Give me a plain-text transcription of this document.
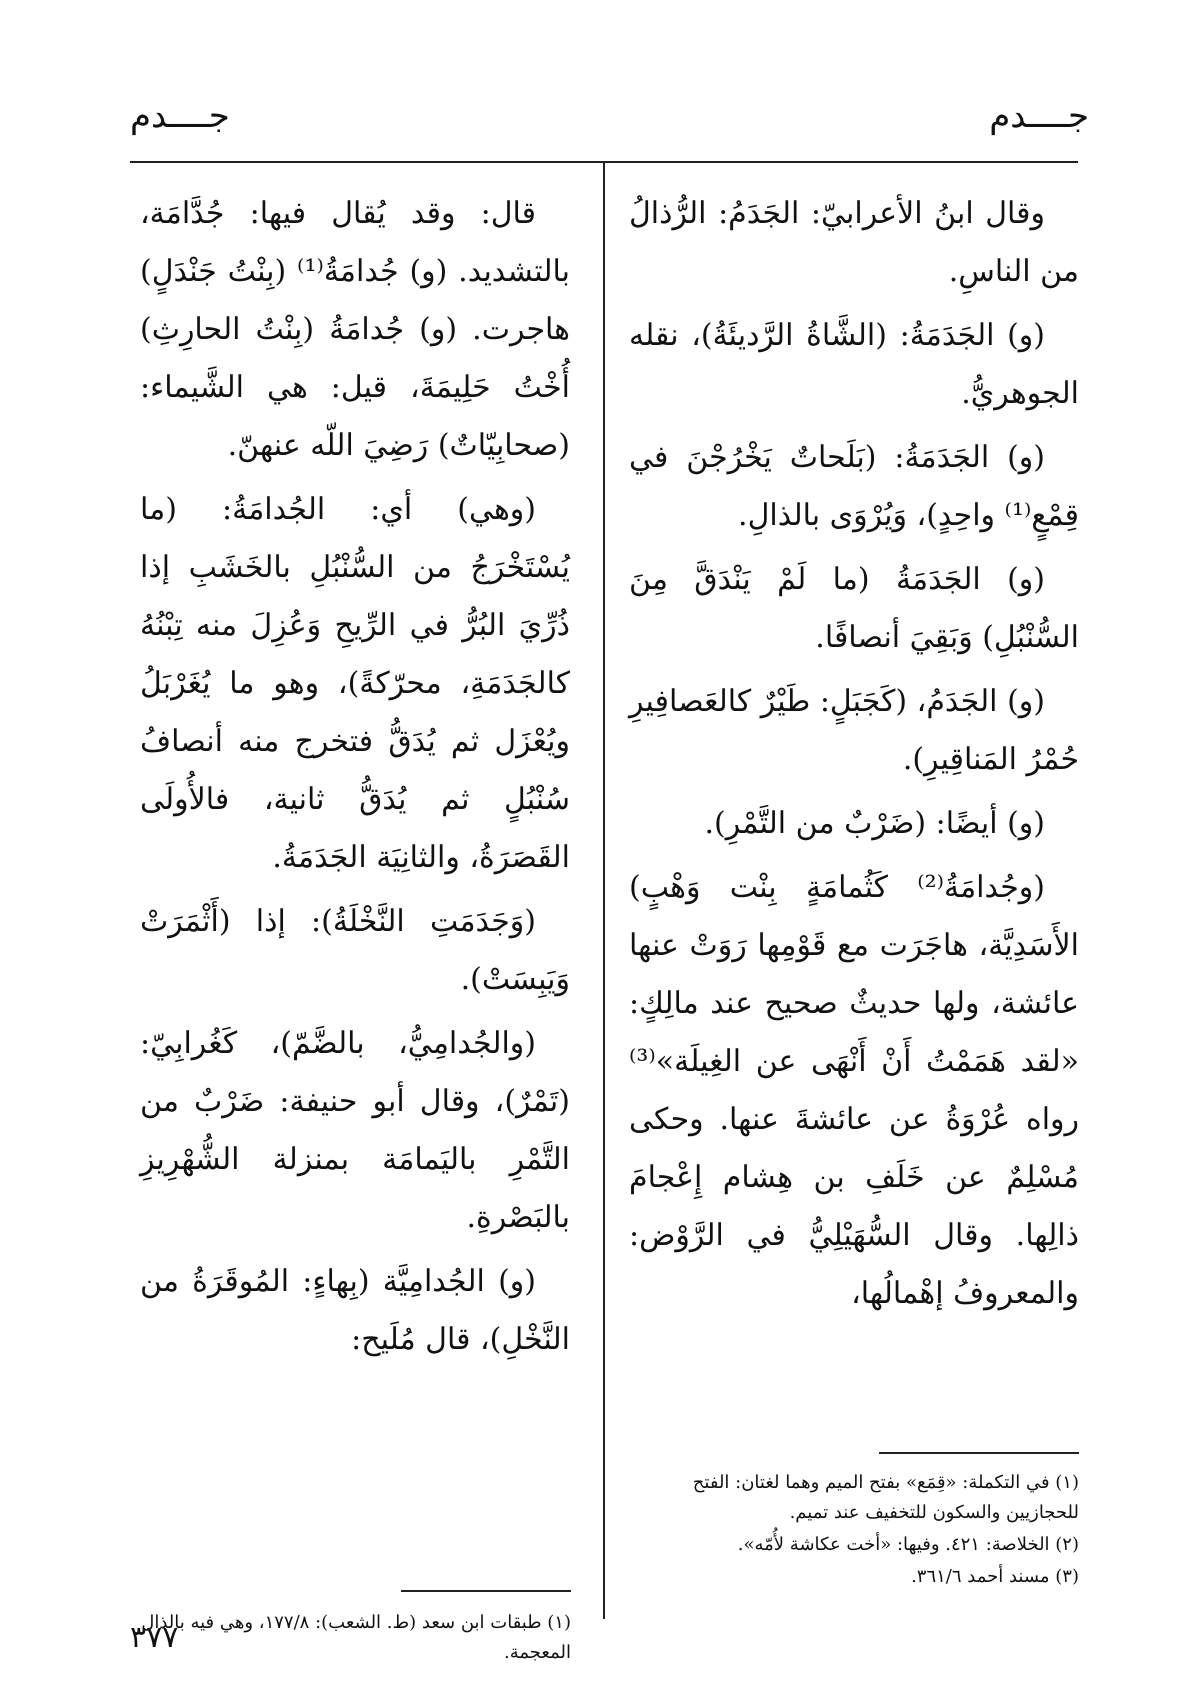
جــــدم
جــــدم

وقال ابنُ الأعرابيّ: الجَدَمُ: الرُّذالُ من الناسِ.

(و) الجَدَمَةُ: (الشَّاةُ الرَّديئَةُ)، نقله الجوهريُّ.

(و) الجَدَمَةُ: (بَلَحاتٌ يَخْرُجْنَ في قِمْعٍ⁽¹⁾ واحِدٍ)، وَيُرْوَى بالذالِ.

(و) الجَدَمَةُ (ما لَمْ يَنْدَقَّ مِنَ السُّنْبُلِ) وَبَقِيَ أنصافًا.

(و) الجَدَمُ، (كَجَبَلٍ: طَيْرٌ كالعَصافِيرِ حُمْرُ المَناقِيرِ).

(و) أيضًا: (ضَرْبٌ من التَّمْرِ).

(وجُدامَةُ⁽²⁾ كَثُمامَةٍ بِنْت وَهْبٍ) الأَسَدِيَّة، هاجَرَت مع قَوْمِها رَوَتْ عنها عائشة، ولها حديثٌ صحيح عند مالِكٍ: «لقد هَمَمْتُ أَنْ أَنْهَى عن الغِيلَة»⁽³⁾ رواه عُرْوَةُ عن عائشةَ عنها. وحكى مُسْلِمٌ عن خَلَفِ بن هِشام إِعْجامَ ذالِها. وقال السُّهَيْلِيُّ في الرَّوْض: والمعروفُ إهْمالُها،

قال: وقد يُقال فيها: جُدَّامَة، بالتشديد. (و) جُدامَةُ⁽¹⁾ (بِنْتُ جَنْدَلٍ) هاجرت. (و) جُدامَةُ (بِنْتُ الحارِثِ) أُخْتُ حَلِيمَةَ، قيل: هي الشَّيماء: (صحابِيّاتٌ) رَضِيَ اللّه عنهنّ.

(وهي) أي: الجُدامَةُ: (ما يُسْتَخْرَجُ من السُّنْبُلِ بالخَشَبِ إذا ذُرِّيَ البُرُّ في الرِّيحِ وَعُزِلَ منه تِبْنُهُ كالجَدَمَةِ، محرّكةً)، وهو ما يُغَرْبَلُ ويُعْزَل ثم يُدَقُّ فتخرج منه أنصافُ سُنْبُلٍ ثم يُدَقُّ ثانية، فالأُولَى القَصَرَةُ، والثانِيَة الجَدَمَةُ.

(وَجَدَمَتِ النَّخْلَةُ): إذا (أَثْمَرَتْ وَيَبِسَتْ).

(والجُدامِيُّ، بالضَّمّ)، كَغُرابِيّ: (تَمْرٌ)، وقال أبو حنيفة: ضَرْبٌ من التَّمْرِ باليَمامَة بمنزلة الشُّهْرِيزِ بالبَصْرةِ.

(و) الجُدامِيَّة (بِهاءٍ: المُوقَرَةُ من النَّخْلِ)، قال مُلَيح:

(١) في التكملة: «قِمَع» بفتح الميم وهما لغتان: الفتح للحجازيين والسكون للتخفيف عند تميم.

(٢) الخلاصة: ٤٢١. وفيها: «أخت عكاشة لأُمّه».

(٣) مسند أحمد ٣٦١/٦.

(١) طبقات ابن سعد (ط. الشعب): ١٧٧/٨، وهي فيه بالذال المعجمة.

٣٧٧
